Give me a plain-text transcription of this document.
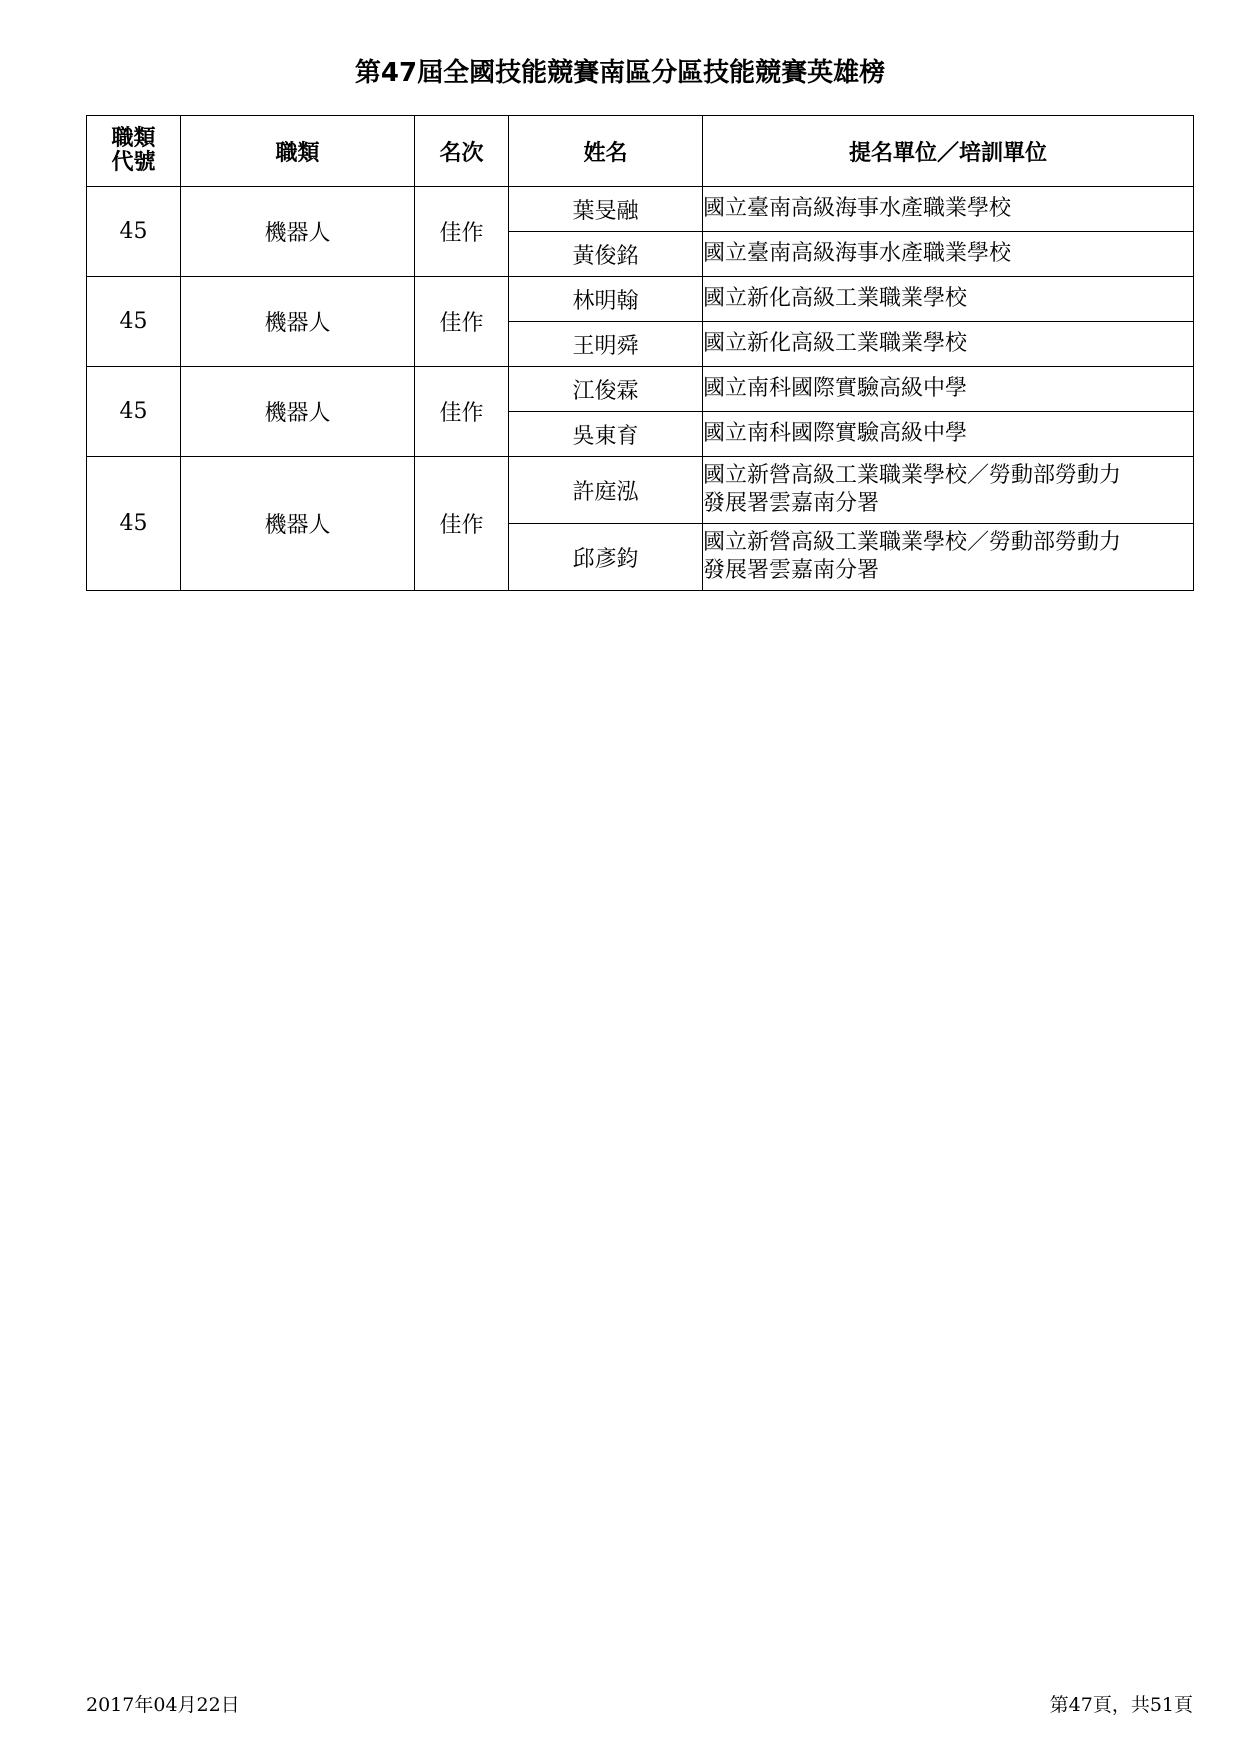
第47屆全國技能競賽南區分區技能競賽英雄榜
職類
代號	職類	名次	姓名	提名單位／培訓單位
45	機器人	佳作	葉旻融	國立臺南高級海事水產職業學校
			黃俊銘	國立臺南高級海事水產職業學校
45	機器人	佳作	林明翰	國立新化高級工業職業學校
			王明舜	國立新化高級工業職業學校
45	機器人	佳作	江俊霖	國立南科國際實驗高級中學
			吳東育	國立南科國際實驗高級中學
45	機器人	佳作	許庭泓	國立新營高級工業職業學校／勞動部勞動力
發展署雲嘉南分署

			邱彥鈞	國立新營高級工業職業學校／勞動部勞動力
發展署雲嘉南分署
2017年04月22日	第47頁，共51頁
